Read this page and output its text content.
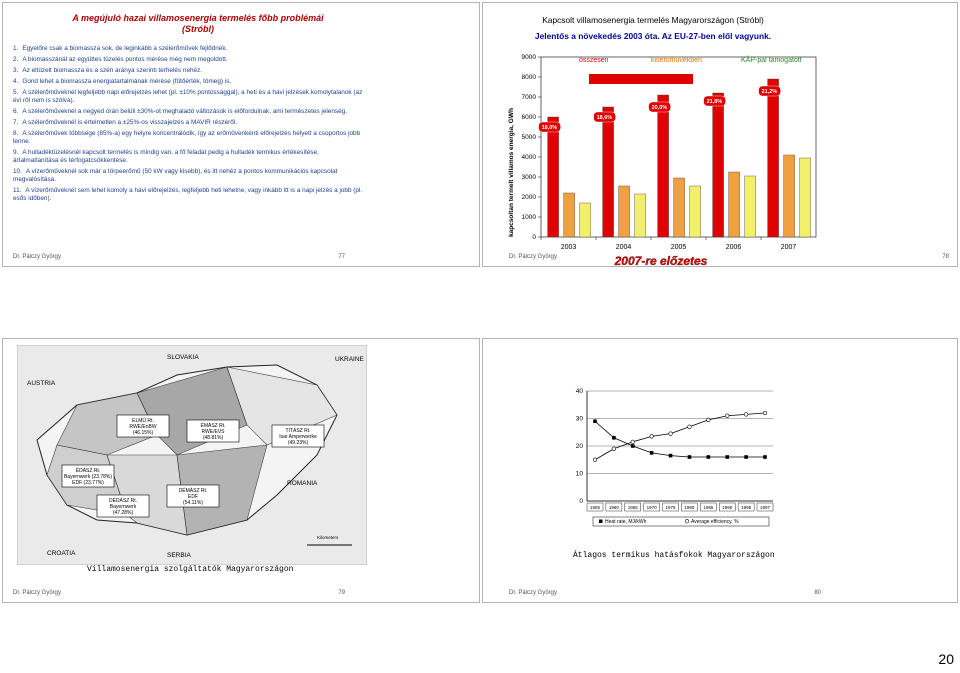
A megújuló hazai villamosenergia termelés főbb problémái
(Stróbl)
1. Egyelőre csak a biomassza sok, de leginkább a szélerőművek fejlődnek.
2. A biomasszánál az együttes tüzelés pontos mérése még nem megoldott.
3. Az eltüzelt biomassza és a szén aránya szerinti terhelés nehéz.
4. Gond lehet a biomassza energiatartalmának mérése (fűtőérték, tömeg) is.
5. A szélerőműveknél legfeljebb napi előrejelzés lehet (pl. ±10% pontossággal), a heti és a havi jelzések komolytalanok (az évi ről nem is szólva).
6. A szélerőműveknél a negyed órán belüli ±30%-ot meghaladó változások is előfordulnak, ami természetes jelenség.
7. A szélerőműveknél is értelmetlen a ±25%-os visszajelzés a MAVIR részéről.
8. A szélerőművek többsége (85%-a) egy helyre koncentrálódik, így az erőművenkénti előrejelzés helyett a csoportos jobb lenne.
9. A hulladéktüzelésnél kapcsolt termelés is mindig van, a fő feladat pedig a hulladék termikus értékesítése, ártalmatlanítása és térfogatcsökkentése.
10. A vízerőműveknél sok már a törpeerőmű (50 kW vagy kisebb), és itt nehéz a pontos kommunikációs kapcsolat megvalósítása.
11. A vízerőműveknél sem lehet komoly a havi előrejelzés, legfeljebb heti lehetne, vagy inkább itt is a napi jelzés a jobb (pl. esős időben).
Dr. Pálczy György	77
Kapcsolt villamosenergia termelés Magyarországon (Stróbl)
Jelentős a növekedés 2003 óta. Az EU-27-ben elől vagyunk.
0
1000
2000
3000
4000
5000
6000
7000
8000
9000
kapcsoltan termelt villamos energia, GWh
2003
18,0%
2004
18,6%
2005
20,0%
2006
21,8%
2007
21,2%
összesen	kiserőművekben	KÁP-pal támogatott
2007-re előzetes
Dr. Pálczy György	78
SLOVAKIA
AUSTRIA
UKRAINE
ROMANIA
CROATIA	SERBIA
ELMŰ Rt.
RWE/EnBW
(46.15%)
ÉMÁSZ Rt.
RWE/EVS
(48.81%)
TITÁSZ Rt.
Isar Amperwerke
(49.23%)
ÉDÁSZ Rt.
Bayernwerk (23.78%)
EDF (23.77%)
DÉMÁSZ Rt.
EDF
(54.11%)
DÉDÁSZ Rt.
Bayernwerk
(47.28%)
Kilometers
Villamosenergia szolgáltatók Magyarországon
Dr. Pálczy György	79
0
10
20
30
40
1955 1960 1965 1970 1975 1980 1985 1990 1995 1997
Heat rate, MJ/kWh	Average efficiency, %
Átlagos termikus hatásfokok Magyarországon
Dr. Pálczy György	80
20
